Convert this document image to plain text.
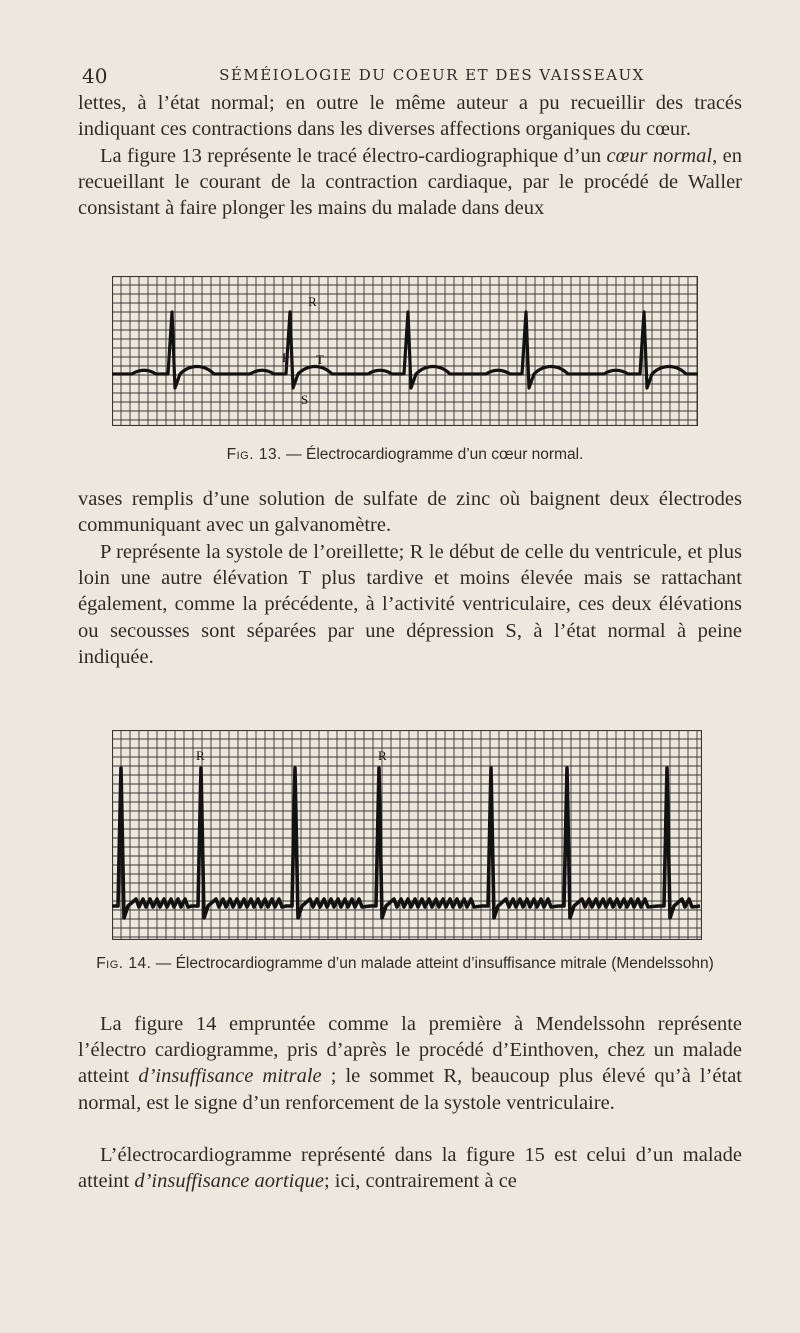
40	SÉMÉIOLOGIE DU COEUR ET DES VAISSEAUX

lettes, à l’état normal; en outre le même auteur a pu recueillir des tracés indiquant ces contractions dans les diverses affections organiques du cœur.

La figure 13 représente le tracé électro-cardiographique d’un cœur normal, en recueillant le courant de la contraction cardiaque, par le procédé de Waller consistant à faire plonger les mains du malade dans deux

R
P T
S

Fig. 13. — Électrocardiogramme d’un cœur normal.

vases remplis d’une solution de sulfate de zinc où baignent deux électrodes communiquant avec un galvanomètre.

P représente la systole de l’oreillette; R le début de celle du ventricule, et plus loin une autre élévation T plus tardive et moins élevée mais se rattachant également, comme la précédente, à l’activité ventriculaire, ces deux élévations ou secousses sont séparées par une dépression S, à l’état normal à peine indiquée.

R	R

Fig. 14. — Électrocardiogramme d’un malade atteint d’insuffisance mitrale (Mendelssohn)

La figure 14 empruntée comme la première à Mendelssohn représente l’électro cardiogramme, pris d’après le procédé d’Einthoven, chez un malade atteint d’insuffisance mitrale ; le sommet R, beaucoup plus élevé qu’à l’état normal, est le signe d’un renforcement de la systole ventriculaire.

L’électrocardiogramme représenté dans la figure 15 est celui d’un malade atteint d’insuffisance aortique; ici, contrairement à ce
